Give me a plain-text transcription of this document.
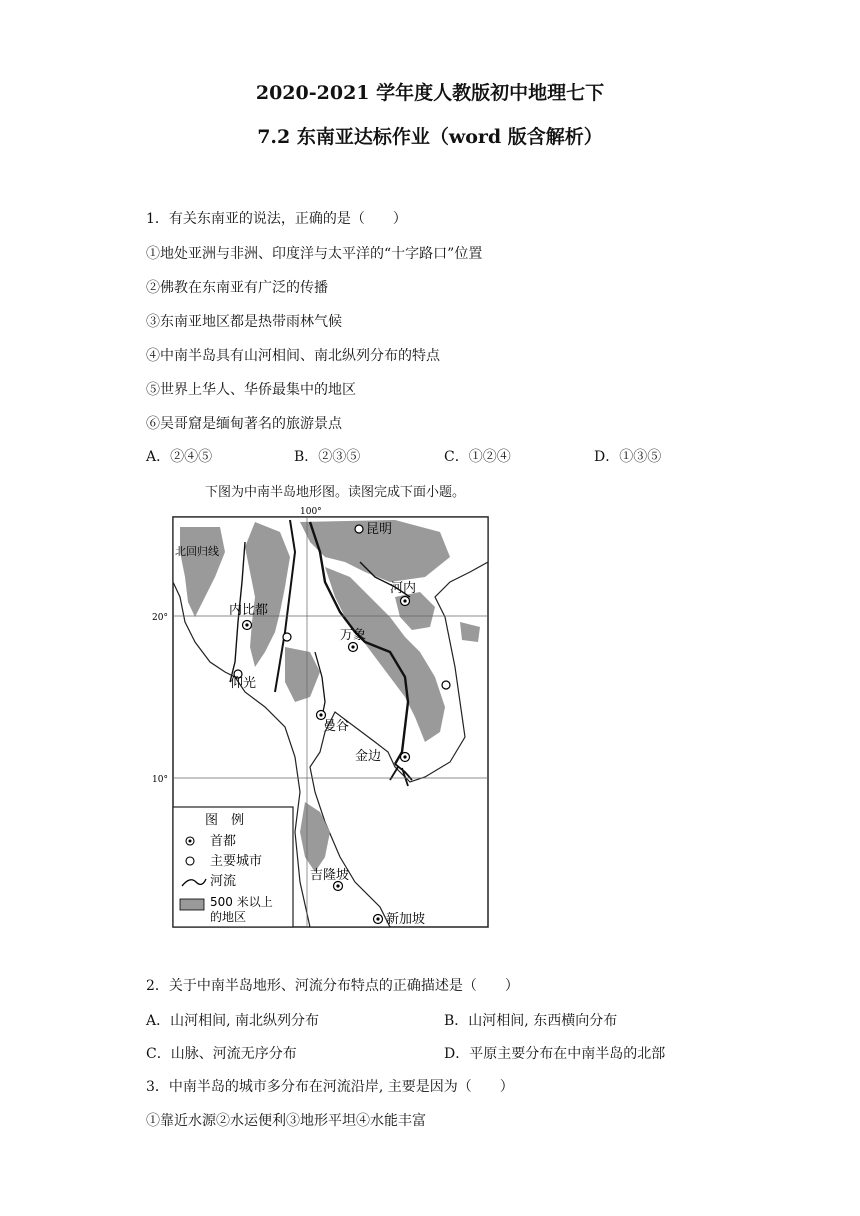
2020-2021 学年度人教版初中地理七下
7.2 东南亚达标作业（word 版含解析）
1．有关东南亚的说法，正确的是（　　）
①地处亚洲与非洲、印度洋与太平洋的“十字路口”位置
②佛教在东南亚有广泛的传播
③东南亚地区都是热带雨林气候
④中南半岛具有山河相间、南北纵列分布的特点
⑤世界上华人、华侨最集中的地区
⑥吴哥窟是缅甸著名的旅游景点
A．②④⑤	B．②③⑤	C．①②④	D．①③⑤
下图为中南半岛地形图。读图完成下面小题。
100°
20°
10°
北回归线
昆明
河内
内比都
万象
仰光
曼谷
金边
吉隆坡
新加坡
图　例
首都
主要城市
河流
500 米以上
的地区
2．关于中南半岛地形、河流分布特点的正确描述是（　　）
A．山河相间, 南北纵列分布	B．山河相间, 东西横向分布
C．山脉、河流无序分布	D．平原主要分布在中南半岛的北部
3．中南半岛的城市多分布在河流沿岸, 主要是因为（　　）
①靠近水源②水运便利③地形平坦④水能丰富
